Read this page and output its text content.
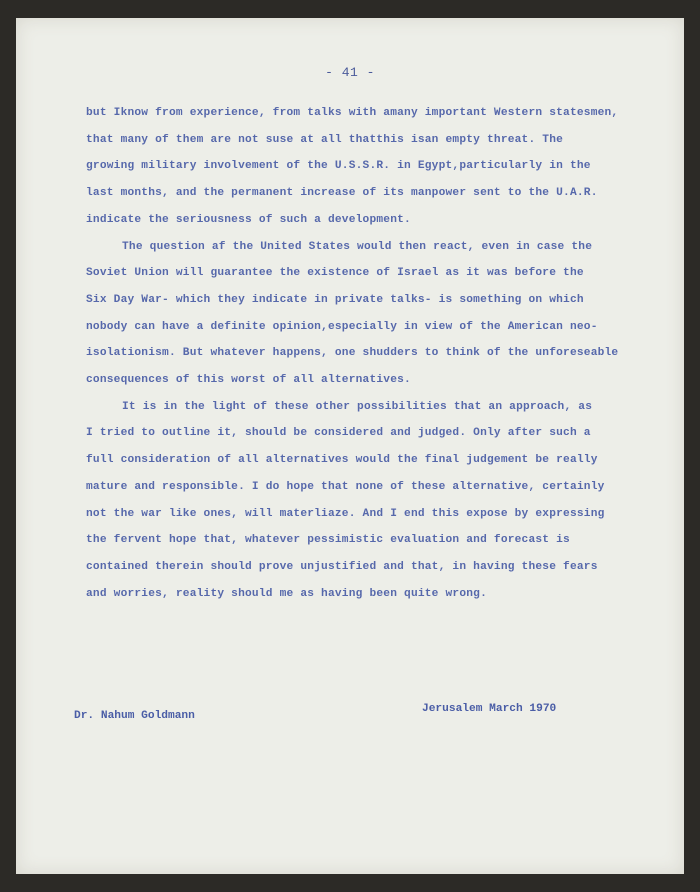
- 41 -
but Iknow from experience, from talks with amany important Western statesmen,
that many of them are not suse at all thatthis isan empty threat. The
growing military involvement of the U.S.S.R. in Egypt,particularly in the
last months, and the permanent increase of its manpower sent to the U.A.R.
indicate the seriousness of such a development.
The question af the United States would then react, even in case the
Soviet Union will guarantee the existence of Israel as it was before the
Six Day War- which they indicate in private talks- is something on which
nobody can have a definite opinion,especially in view of the American neo-
isolationism. But whatever happens, one shudders to think of the unforeseable
consequences of this worst of all alternatives.
It is in the light of these other possibilities that an approach, as
I tried to outline it, should be considered and judged. Only after such a
full consideration of all alternatives would the final judgement be really
mature and responsible. I do hope that none of these alternative, certainly
not the war like ones, will materliaze. And I end this expose by expressing
the fervent hope that, whatever pessimistic evaluation and forecast is
contained therein should prove unjustified and that, in having these fears
and worries, reality should me as having been quite wrong.
Dr. Nahum Goldmann
Jerusalem March 1970
